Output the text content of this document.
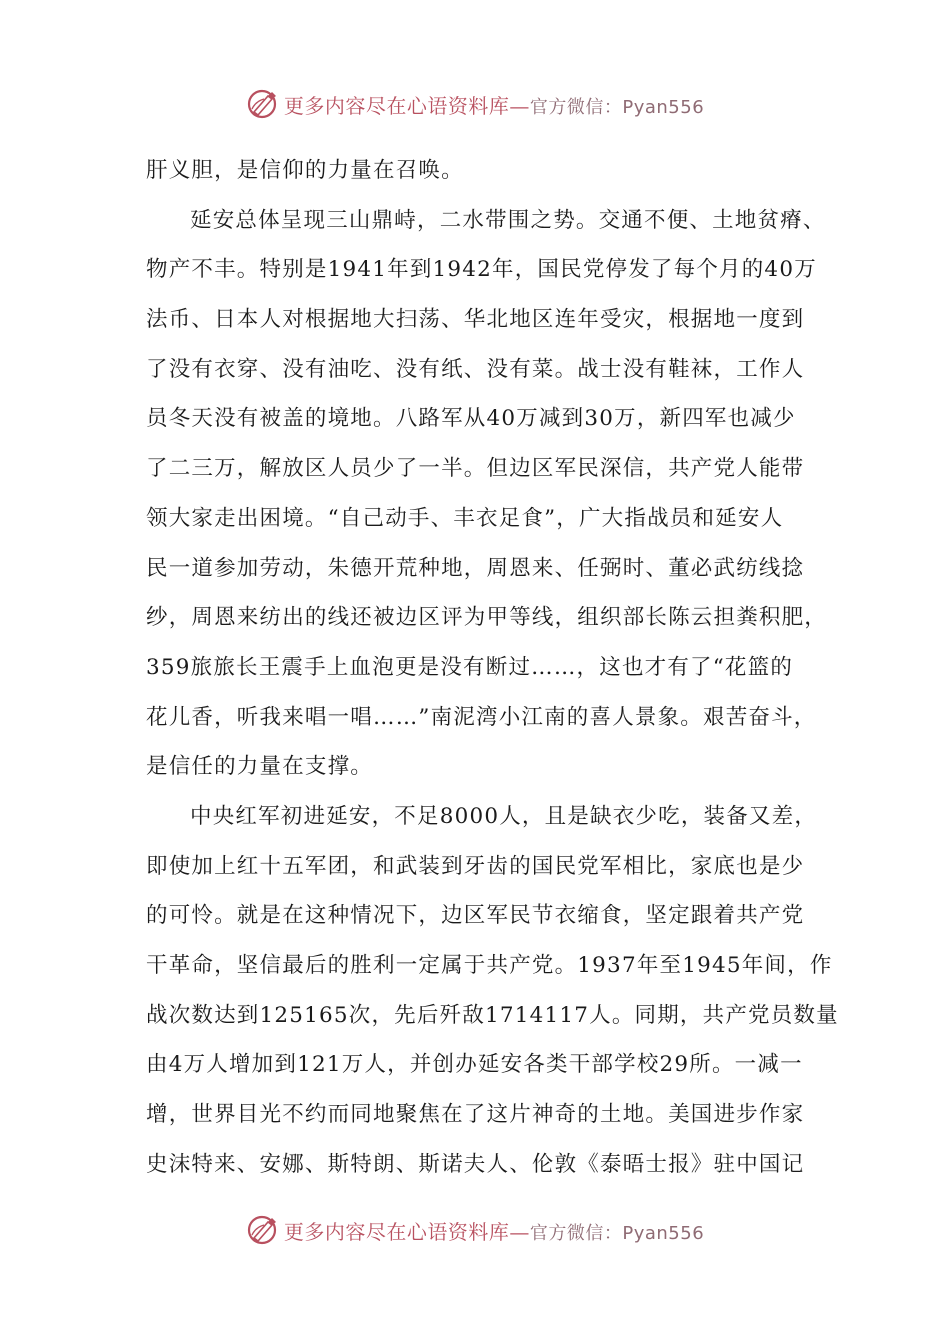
更多内容尽在心语资料库—官方微信：Pyan556
肝义胆，是信仰的力量在召唤。
延安总体呈现三山鼎峙，二水带围之势。交通不便、土地贫瘠、
物产不丰。特别是1941年到1942年，国民党停发了每个月的40万
法币、日本人对根据地大扫荡、华北地区连年受灾，根据地一度到
了没有衣穿、没有油吃、没有纸、没有菜。战士没有鞋袜，工作人
员冬天没有被盖的境地。八路军从40万减到30万，新四军也减少
了二三万，解放区人员少了一半。但边区军民深信，共产党人能带
领大家走出困境。“自己动手、丰衣足食”，广大指战员和延安人
民一道参加劳动，朱德开荒种地，周恩来、任弼时、董必武纺线捻
纱，周恩来纺出的线还被边区评为甲等线，组织部长陈云担粪积肥，
359旅旅长王震手上血泡更是没有断过……，这也才有了“花篮的
花儿香，听我来唱一唱……”南泥湾小江南的喜人景象。艰苦奋斗，
是信任的力量在支撑。
中央红军初进延安，不足8000人，且是缺衣少吃，装备又差，
即使加上红十五军团，和武装到牙齿的国民党军相比，家底也是少
的可怜。就是在这种情况下，边区军民节衣缩食，坚定跟着共产党
干革命，坚信最后的胜利一定属于共产党。1937年至1945年间，作
战次数达到125165次，先后歼敌1714117人。同期，共产党员数量
由4万人增加到121万人，并创办延安各类干部学校29所。一减一
增，世界目光不约而同地聚焦在了这片神奇的土地。美国进步作家
史沫特来、安娜、斯特朗、斯诺夫人、伦敦《泰晤士报》驻中国记
更多内容尽在心语资料库—官方微信：Pyan556
